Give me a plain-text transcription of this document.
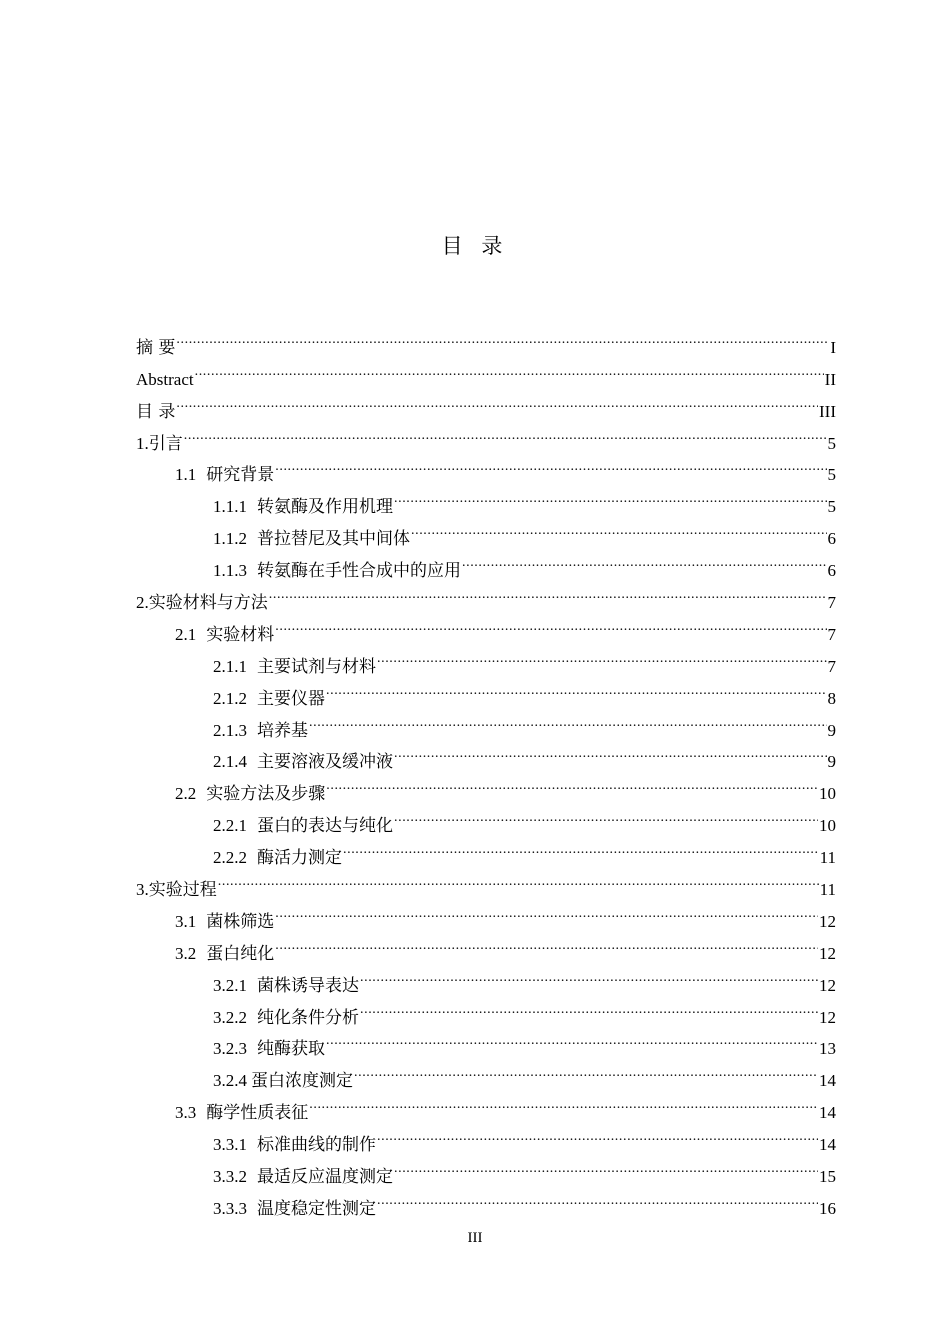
目 录
摘 要 .....	I
Abstract .....	II
目 录 .....	III
1. 引言 .....	5
1.1 研究背景 .....	5
1.1.1 转氨酶及作用机理 .....	5
1.1.2 普拉替尼及其中间体 .....	6
1.1.3 转氨酶在手性合成中的应用 .....	6
2. 实验材料与方法 .....	7
2.1 实验材料 .....	7
2.1.1 主要试剂与材料 .....	7
2.1.2 主要仪器 .....	8
2.1.3 培养基 .....	9
2.1.4 主要溶液及缓冲液 .....	9
2.2 实验方法及步骤 .....	10
2.2.1 蛋白的表达与纯化 .....	10
2.2.2 酶活力测定 .....	11
3. 实验过程 .....	11
3.1 菌株筛选 .....	12
3.2 蛋白纯化 .....	12
3.2.1 菌株诱导表达 .....	12
3.2.2 纯化条件分析 .....	12
3.2.3 纯酶获取 .....	13
3.2.4 蛋白浓度测定 .....	14
3.3 酶学性质表征 .....	14
3.3.1 标准曲线的制作 .....	14
3.3.2 最适反应温度测定 .....	15
3.3.3 温度稳定性测定 .....	16
III
